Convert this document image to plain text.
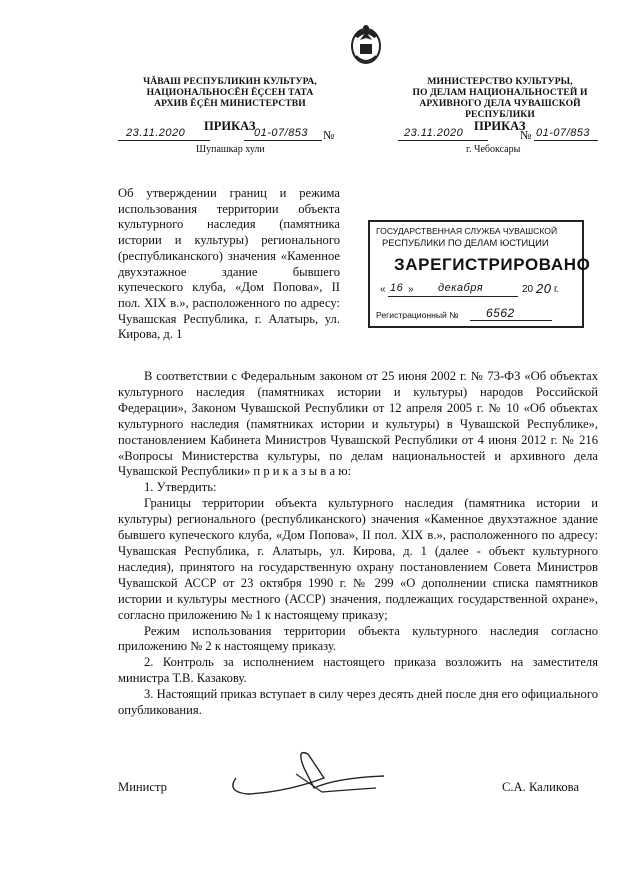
ЧĂВАШ РЕСПУБЛИКИН КУЛЬТУРА,
НАЦИОНАЛЬНОСĔН ĔÇСЕН ТАТА
АРХИВ ĔÇĔН МИНИСТЕРСТВИ
ПРИКАЗ
23.11.2020	01-07/853 №
Шупашкар хули
МИНИСТЕРСТВО КУЛЬТУРЫ,
ПО ДЕЛАМ НАЦИОНАЛЬНОСТЕЙ И
АРХИВНОГО ДЕЛА ЧУВАШСКОЙ РЕСПУБЛИКИ
ПРИКАЗ
23.11.2020	№ 01-07/853
г. Чебоксары
Об утверждении границ и режима использования территории объекта культурного наследия (памятника истории и культуры) регионального (республиканского) значения «Каменное двухэтажное здание бывшего купеческого клуба, «Дом Попова», II пол. XIX в.», расположенного по адресу: Чувашская Республика, г. Алатырь, ул. Кирова, д. 1
ГОСУДАРСТВЕННАЯ СЛУЖБА ЧУВАШСКОЙ
РЕСПУБЛИКИ ПО ДЕЛАМ ЮСТИЦИИ
ЗАРЕГИСТРИРОВАНО
« 16 » декабря	20 20 г.
Регистрационный № 6562

В соответствии с Федеральным законом от 25 июня 2002 г. № 73-ФЗ «Об объектах культурного наследия (памятниках истории и культуры) народов Российской Федерации», Законом Чувашской Республики от 12 апреля 2005 г. № 10 «Об объектах культурного наследия (памятниках истории и культуры) в Чувашской Республике», постановлением Кабинета Министров Чувашской Республики от 4 июня 2012 г. № 216 «Вопросы Министерства культуры, по делам национальностей и архивного дела Чувашской Республики» п р и к а з ы в а ю:

1. Утвердить:

Границы территории объекта культурного наследия (памятника истории и культуры) регионального (республиканского) значения «Каменное двухэтажное здание бывшего купеческого клуба, «Дом Попова», II пол. XIX в.», расположенного по адресу: Чувашская Республика, г. Алатырь, ул. Кирова, д. 1 (далее - объект культурного наследия), принятого на государственную охрану постановлением Совета Министров Чувашской АССР от 23 октября 1990 г. № 299 «О дополнении списка памятников истории и культуры местного (АССР) значения, подлежащих государственной охране», согласно приложению № 1 к настоящему приказу;

Режим использования территории объекта культурного наследия согласно приложению № 2 к настоящему приказу.

2. Контроль за исполнением настоящего приказа возложить на заместителя министра Т.В. Казакову.

3. Настоящий приказ вступает в силу через десять дней после дня его официального опубликования.

Министр	С.А. Каликова
